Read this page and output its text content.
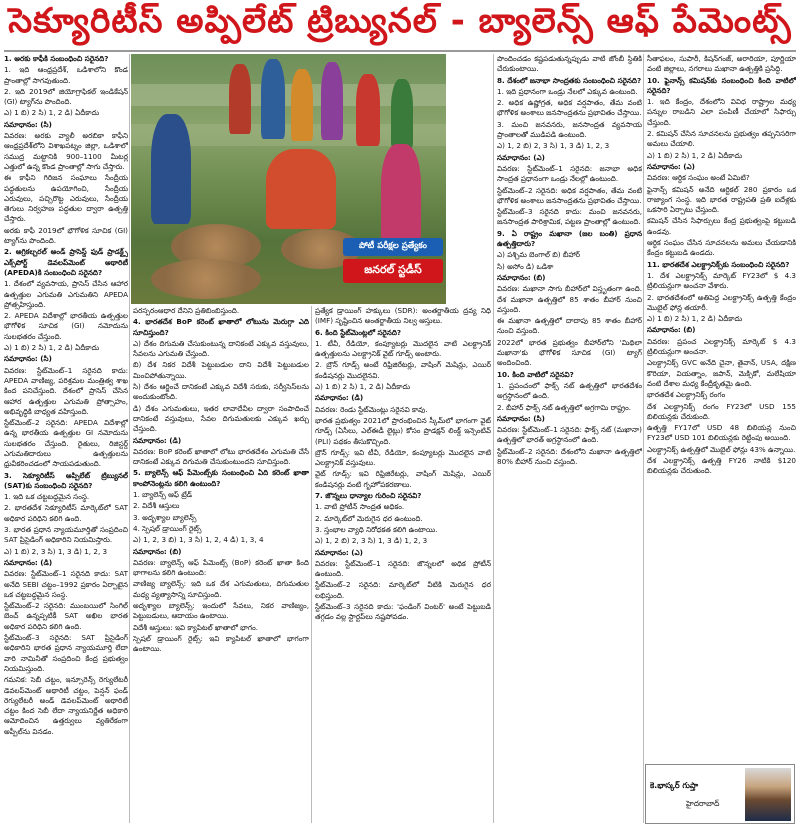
సెక్యూరిటీస్ అప్పిలేట్ ట్రిబ్యునల్ - బ్యాలెన్స్ ఆఫ్ పేమెంట్స్

1. అరకు కాఫీకి సంబంధించి సరైనది?

1. ఇది ఆంధ్రప్రదేశ్, ఒడిశాలోని కొండ ప్రాంతాల్లో సాగవుతుంది.

2. ఇది 2019లో జియోగ్రాఫికల్ ఇండికేషన్ (GI) ట్యాగ్‌ను పొందింది.

ఎ) 1 బి) 2 సి) 1, 2 డి) ఏదీకాదు

సమాధానం: (సి)

వివరణ: అరకు వ్యాలీ అరబికా కాఫీని ఆంధ్రప్రదేశ్‌లోని విశాఖపట్నం జిల్లా, ఒడిశాలో సముద్ర మట్టానికి 900–1100 మీటర్ల ఎత్తులో ఉన్న కొండ ప్రాంతాల్లో సాగు చేస్తారు.

ఈ కాఫీని గిరిజన సంఘాలు సేంద్రీయ పద్ధతులను ఉపయోగించి, సేంద్రీయ ఎరువులు, పచ్చిరొట్ట ఎరువులు, సేంద్రీయ తెగులు నిర్వహణ పద్ధతుల ద్వారా ఉత్పత్తి చేస్తారు.

అరకు కాఫీ 2019లో భౌగోళిక సూచిక (GI) ట్యాగ్‌ను పొందింది.

2. అగ్రికల్చరల్ అండ్ ప్రాసెస్డ్ ఫుడ్ ప్రాడక్ట్స్ ఎక్స్‌పోర్ట్ డెవలప్‌మెంట్ అథారిటీ (APEDA)కి సంబంధించి సరైనది?

1. దేశంలో వ్యవసాయ, ప్రాసెస్ చేసిన ఆహార ఉత్పత్తుల ఎగుమతి ఎగుమతిని APEDA ప్రోత్సహిస్తుంది.

2. APEDA విదేశాల్లో భారతీయ ఉత్పత్తుల భౌగోళిక సూచిక (GI) నమోదును సులభతరం చేస్తుంది.

ఎ) 1 బి) 2 సి) 1, 2 డి) ఏదీకాదు

సమాధానం: (సి)

వివరణ: స్టేట్‌మెంట్–1 సరైనది కాదు: APEDA వాణిజ్య, పరిశ్రమల మంత్రిత్వ శాఖ కింద పనిచేస్తుంది. దేశంలో ప్రాసెస్ చేసిన ఆహార ఉత్పత్తుల ఎగుమతి ప్రోత్సాహం, అభివృద్ధికి బాధ్యత వహిస్తుంది.

స్టేట్‌మెంట్–2 సరైనది: APEDA విదేశాల్లో ఉన్న భారతీయ ఉత్పత్తుల GI నమోదును సులభతరం చేస్తుంది. రైతులు, రిజిస్టర్డ్ ఎగుమతిదారులు ఉత్పత్తులను ధ్రువీకరించడంలో సాయపడుతుంది.

3. సెక్యూరిటీస్ అప్పిలేట్ ట్రిబ్యునల్ (SAT)కు సంబంధించి సరైనది?

1. ఇది ఒక చట్టబద్ధమైన సంస్థ.

2. భారతదేశ సెక్యూరిటీస్ మార్కెట్‌లో SAT అధికార పరిధిని కలిగి ఉంది.

3. భారత ప్రధాన న్యాయమూర్తితో సంప్రదించి SAT ప్రిసైడింగ్ అధికారిని నియమిస్తారు.

ఎ) 1 బి) 2, 3 సి) 1, 3 డి) 1, 2, 3

సమాధానం: (డి)

వివరణ: స్టేట్‌మెంట్–1 సరైనది కాదు: SAT అనేది SEBI చట్టం–1992 ప్రకారం ఏర్పాటైన ఒక చట్టబద్ధమైన సంస్థ.

స్టేట్‌మెంట్–2 సరైనది: ముంబయిలో సింగిల్ బెంచ్ ఉన్నప్పటికీ SAT అఖిల భారత అధికార పరిధిని కలిగి ఉంది.

స్టేట్‌మెంట్–3 సరైనది: SAT ప్రిసైడింగ్ అధికారిని భారత ప్రధాన న్యాయమూర్తి లేదా వారి నామినీతో సంప్రదించి కేంద్ర ప్రభుత్వం నియమిస్తుంది.

గమనిక: సెబీ చట్టం, ఇన్సూరెన్స్ రెగ్యులేటరీ డెవలప్‌మెంట్ అథారిటీ చట్టం, పెన్షన్ ఫండ్ రెగ్యులేటరీ అండ్ డెవలప్‌మెంట్ అథారిటీ చట్టం కింద సెబీ లేదా న్యాయనిర్ణేత అధికారి ఆమోదించిన ఉత్తర్వులు వ్యతిరేకంగా అప్పీల్‌ను వినడం.

పోటీ పరీక్షల ప్రత్యేకం
జనరల్ స్టడీస్

పరస్పరంఆధార దేనిని ప్రతిబింబిస్తుంది.

4. భారతదేశ BoP కరెంట్ ఖాతాలో లోటును మెరుగ్గా ఎది సూచిస్తుంది?

ఎ) దేశం దిగుమతి చేసుకుంటున్న దానికంటే ఎక్కువ వస్తువులు, సేవలను ఎగుమతి చేస్తుంది.

బి) దేశ నికర విదేశీ పెట్టుబడుల దాని విదేశీ పెట్టుబడుల మించిపోతున్నాయి.

సి) దేశం ఆర్జించే దానికంటే ఎక్కువ విదేశీ సరుకు, సర్వీసెస్‌లను అందుకుంటోంది.

డి) దేశం ఎగుమతులు, ఇతర లావాదేవీల ద్వారా సంపాదించే దానికంటే వస్తువులు, సేవల దిగుమతులకు ఎక్కువ ఖర్చు చేస్తుంది.

సమాధానం: (డి)

వివరణ: BoP కరెంట్ ఖాతాలో లోటు భారతదేశం ఎగుమతి చేసే దానికంటే ఎక్కువ దిగుమతి చేసుకుంటుందని సూచిస్తుంది.

5. బ్యాలెన్స్ ఆఫ్ పేమెంట్స్‌కు సంబంధించి ఏది కరెంట్ ఖాతా కాంపోనెంట్లను కలిగి ఉంటుంది?

1. బ్యాలెన్స్ ఆఫ్ ట్రేడ్

2. విదేశీ ఆస్తులు

3. అదృశ్యాల బ్యాలెన్స్

4. స్పెషల్ డ్రాయింగ్ రైట్స్

ఎ) 1, 2, 3 బి) 1, 3 సి) 1, 2, 4 డి) 1, 3, 4

సమాధానం: (బి)

వివరణ: బ్యాలెన్స్ ఆఫ్ పేమెంట్స్ (BoP) కరెంట్ ఖాతా కింది భాగాలను కలిగి ఉంటుంది:

వాణిజ్య బ్యాలెన్స్: ఇది ఒక దేశ ఎగుమతులు, దిగుమతుల మధ్య వ్యత్యాసాన్ని సూచిస్తుంది.

అదృశ్యాల బ్యాలెన్స్: ఇందులో సేవలు, నికర వాణిజ్యం, పెట్టుబడులు, ఆదాయం ఉంటాయి.

విదేశీ ఆస్తులు: ఇవి క్యాపిటల్ ఖాతాలో భాగం.

స్పెషల్ డ్రాయింగ్ రైట్స్: ఇవి క్యాపిటల్ ఖాతాలో భాగంగా ఉంటాయి.

ప్రత్యేక డ్రాయింగ్ హక్కులు (SDR): అంతర్జాతీయ ద్రవ్య నిధి (IMF) సృష్టించిన అంతర్జాతీయ నిల్వ ఆస్తులు.

6. కింది స్టేట్‌మెంట్లలో సరైనది?

1. టీవీ, రేడియో, కంప్యూటర్లు మొదలైన వాటి ఎలక్ట్రానిక్ ఉత్పత్తులను ఎలక్ట్రానిక్ వైట్ గూడ్స్ అంటారు.

2. బ్రౌన్ గూడ్స్ అంటే రిఫ్రిజిరేటర్లు, వాషింగ్ మెషిన్లు, ఎయిర్ కండిషనర్లు మొదలైనవి.

ఎ) 1 బి) 2 సి) 1, 2 డి) ఏదీకాదు

సమాధానం: (డి)

వివరణ: రెండు స్టేట్‌మెంట్లు సరైనవి కావు.

భారత ప్రభుత్వం 2021లో ప్రారంభించిన స్కీమ్‌లో భాగంగా వైట్ గూడ్స్ (ఏసీలు, ఎల్‌ఈడీ లైట్లు) కోసం ప్రొడక్షన్ లింక్డ్ ఇన్సెంటివ్ (PLI) పథకం తీసుకొచ్చింది.

బ్రౌన్ గూడ్స్: ఇవి టీవీ, రేడియో, కంప్యూటర్లు మొదలైన వాటి ఎలక్ట్రానిక్ వస్తువులు.

వైట్ గూడ్స్: ఇవి రిఫ్రిజిరేటర్లు, వాషింగ్ మెషిన్లు, ఎయిర్ కండిషనర్లు వంటి గృహోపకరణాలు.

7. జొన్నలు ధాన్యాల గురించి సరైనవి?

1. వాటి ప్రోటీన్ సాంద్రత అధికం.

2. మార్కెట్‌లో మెరుగైన ధర ఉంటుంది.

3. స్తంభాల వ్యాధి నిరోధకత కలిగి ఉంటాయి.

ఎ) 1, 2 బి) 2, 3 సి) 1, 3 డి) 1, 2, 3

సమాధానం: (ఎ)

వివరణ: స్టేట్‌మెంట్–1 సరైనది: జొన్నలలో అధిక ప్రోటీన్ ఉంటుంది.

స్టేట్‌మెంట్–2 సరైనది: మార్కెట్‌లో వీటికి మెరుగైన ధర లభిస్తుంది.

స్టేట్‌మెంట్–3 సరైనది కాదు: 'ఫండింగ్ వింటర్' అంటే పెట్టుబడి తగ్గడం వల్ల స్టార్టప్‌లు నష్టపోవడం.

పొందించడం కష్టపడుతున్నప్పుడు వాటి జోంబీ స్థితికి చేరుకుంటాయి.

8. దేశంలో జనాభా సాంద్రతకు సంబంధించి సరైనది?

1. ఇది ప్రధానంగా ఒండ్రు నేలలో ఎక్కువ ఉంటుంది.

2. అధిక ఉష్ణోగ్రత, అధిక వర్షపాతం, తేమ వంటి భౌగోళిక అంశాలు జనసాంద్రతను ప్రభావితం చేస్తాయి.

3. మంచి జనవనరు, జనసాంద్రత వ్యవసాయ ప్రాంతాలతో ముడిపడి ఉంటుంది.

ఎ) 1, 2 బి) 2, 3 సి) 1, 3 డి) 1, 2, 3

సమాధానం: (ఎ)

వివరణ: స్టేట్‌మెంట్–1 సరైనది: జనాభా అధిక సాంద్రత ప్రధానంగా ఒండ్రు నేలల్లో ఉంటుంది.

స్టేట్‌మెంట్–2 సరైనది: అధిక వర్షపాతం, తేమ వంటి భౌగోళిక అంశాలు జనసాంద్రతను ప్రభావితం చేస్తాయి.

స్టేట్‌మెంట్–3 సరైనది కాదు: మంచి జనవనరు, జనసాంద్రత పారిశ్రామిక, పట్టణ ప్రాంతాల్లో ఉంటుంది.

9. ఏ రాష్ట్రం మఖానా (జల బంతి) ప్రధాన ఉత్పత్తిదారు?

ఎ) పశ్చిమ బెంగాల్ బి) బీహార్

సి) అసోం డి) ఒడిశా

సమాధానం: (బి)

వివరణ: మఖానా సాగు బీహార్‌లో విస్తృతంగా ఉంది. దేశ మఖానా ఉత్పత్తిలో 85 శాతం బీహార్ నుంచి వస్తుంది.

ఈ మఖానా ఉత్పత్తిలో దాదాపు 85 శాతం బీహార్ నుంచి వస్తుంది.

2022లో భారత ప్రభుత్వం బీహార్‌లోని 'మిథిలా మఖానా'కు భౌగోళిక సూచిక (GI) ట్యాగ్ అందించింది.

10. కింది వాటిలో సరైనవి?

1. ప్రపంచంలో ఫాక్స్ నట్ ఉత్పత్తిలో భారతదేశం అగ్రస్థానంలో ఉంది.

2. బీహార్ ఫాక్స్ నట్ ఉత్పత్తిలో అగ్రగామి రాష్ట్రం.

సమాధానం: (సి)

వివరణ: స్టేట్‌మెంట్–1 సరైనది: ఫాక్స్ నట్ (మఖానా) ఉత్పత్తిలో భారత్ అగ్రస్థానంలో ఉంది.

స్టేట్‌మెంట్–2 సరైనది: దేశంలోని మఖానా ఉత్పత్తిలో 80% బీహార్ నుంచి వస్తుంది.

సీతాఫలం, సుపారీ, కిషన్‌గంజ్, అరారియా, పూర్ణియా వంటి జిల్లాలు, నగరాలు మఖానా ఉత్పత్తికి ప్రసిద్ధి.

10. ఫైనాన్స్ కమిషన్‌కు సంబంధించి కింది వాటిలో సరైనది?

1. ఇది కేంద్రం, దేశంలోని వివిధ రాష్ట్రాల మధ్య పన్నుల రాబడిని ఎలా పంపిణీ చేయాలో సిఫార్సు చేస్తుంది.

2. కమిషన్ చేసిన సూచనలను ప్రభుత్వం తప్పనిసరిగా అమలు చేయాలి.

ఎ) 1 బి) 2 సి) 1, 2 డి) ఏదీకాదు

సమాధానం: (ఎ)

వివరణ: ఆర్థిక సంఘం అంటే ఏమిటి?

ఫైనాన్స్ కమిషన్ అనేది ఆర్టికల్ 280 ప్రకారం ఒక రాజ్యాంగ సంస్థ. ఇది భారత రాష్ట్రపతి ప్రతి ఐదేళ్లకు ఒకసారి ఏర్పాటు చేస్తుంది.

కమిషన్ చేసిన సిఫార్సులు కేంద్ర ప్రభుత్వంపై కట్టుబడి ఉండవు.

ఆర్థిక సంఘం చేసిన సూచనలను అమలు చేయడానికి కేంద్రం కట్టుబడి ఉండదు.

11. భారతదేశ ఎలక్ట్రానిక్స్‌కు సంబంధించి సరైనది?

1. దేశ ఎలక్ట్రానిక్స్ మార్కెట్ FY23లో $ 4.3 ట్రిలియన్లుగా అంచనా వేశారు.

2. భారతదేశంలో అతిపెద్ద ఎలక్ట్రానిక్స్ ఉత్పత్తి కేంద్రం మొబైల్ ఫోన్ల తయారీ.

ఎ) 1 బి) 2 సి) 1, 2 డి) ఏదీకాదు

సమాధానం: (బి)

వివరణ: ప్రపంచ ఎలక్ట్రానిక్స్ మార్కెట్ $ 4.3 ట్రిలియన్లుగా అంచనా.

ఎలక్ట్రానిక్స్ GVC అనేది చైనా, తైవాన్, USA, దక్షిణ కొరియా, వియత్నాం, జపాన్, మెక్సికో, మలేషియా వంటి దేశాల మధ్య కేంద్రీకృతమై ఉంది.

భారతదేశ ఎలక్ట్రానిక్స్ రంగం

దేశ ఎలక్ట్రానిక్స్ రంగం FY23లో USD 155 బిలియన్లకు చేరుకుంది.

ఉత్పత్తి FY17లో USD 48 బిలియన్ల నుంచి FY23లో USD 101 బిలియన్లకు రెట్టింపు అయింది.

ఎలక్ట్రానిక్స్ ఉత్పత్తిలో మొబైల్ ఫోన్లు 43% ఉన్నాయి.

దేశ ఎలక్ట్రానిక్స్ ఉత్పత్తి FY26 నాటికి $120 బిలియన్లకు చేరుతుంది.

కె.భాస్కర్ గుప్తా
హైదరాబాద్
